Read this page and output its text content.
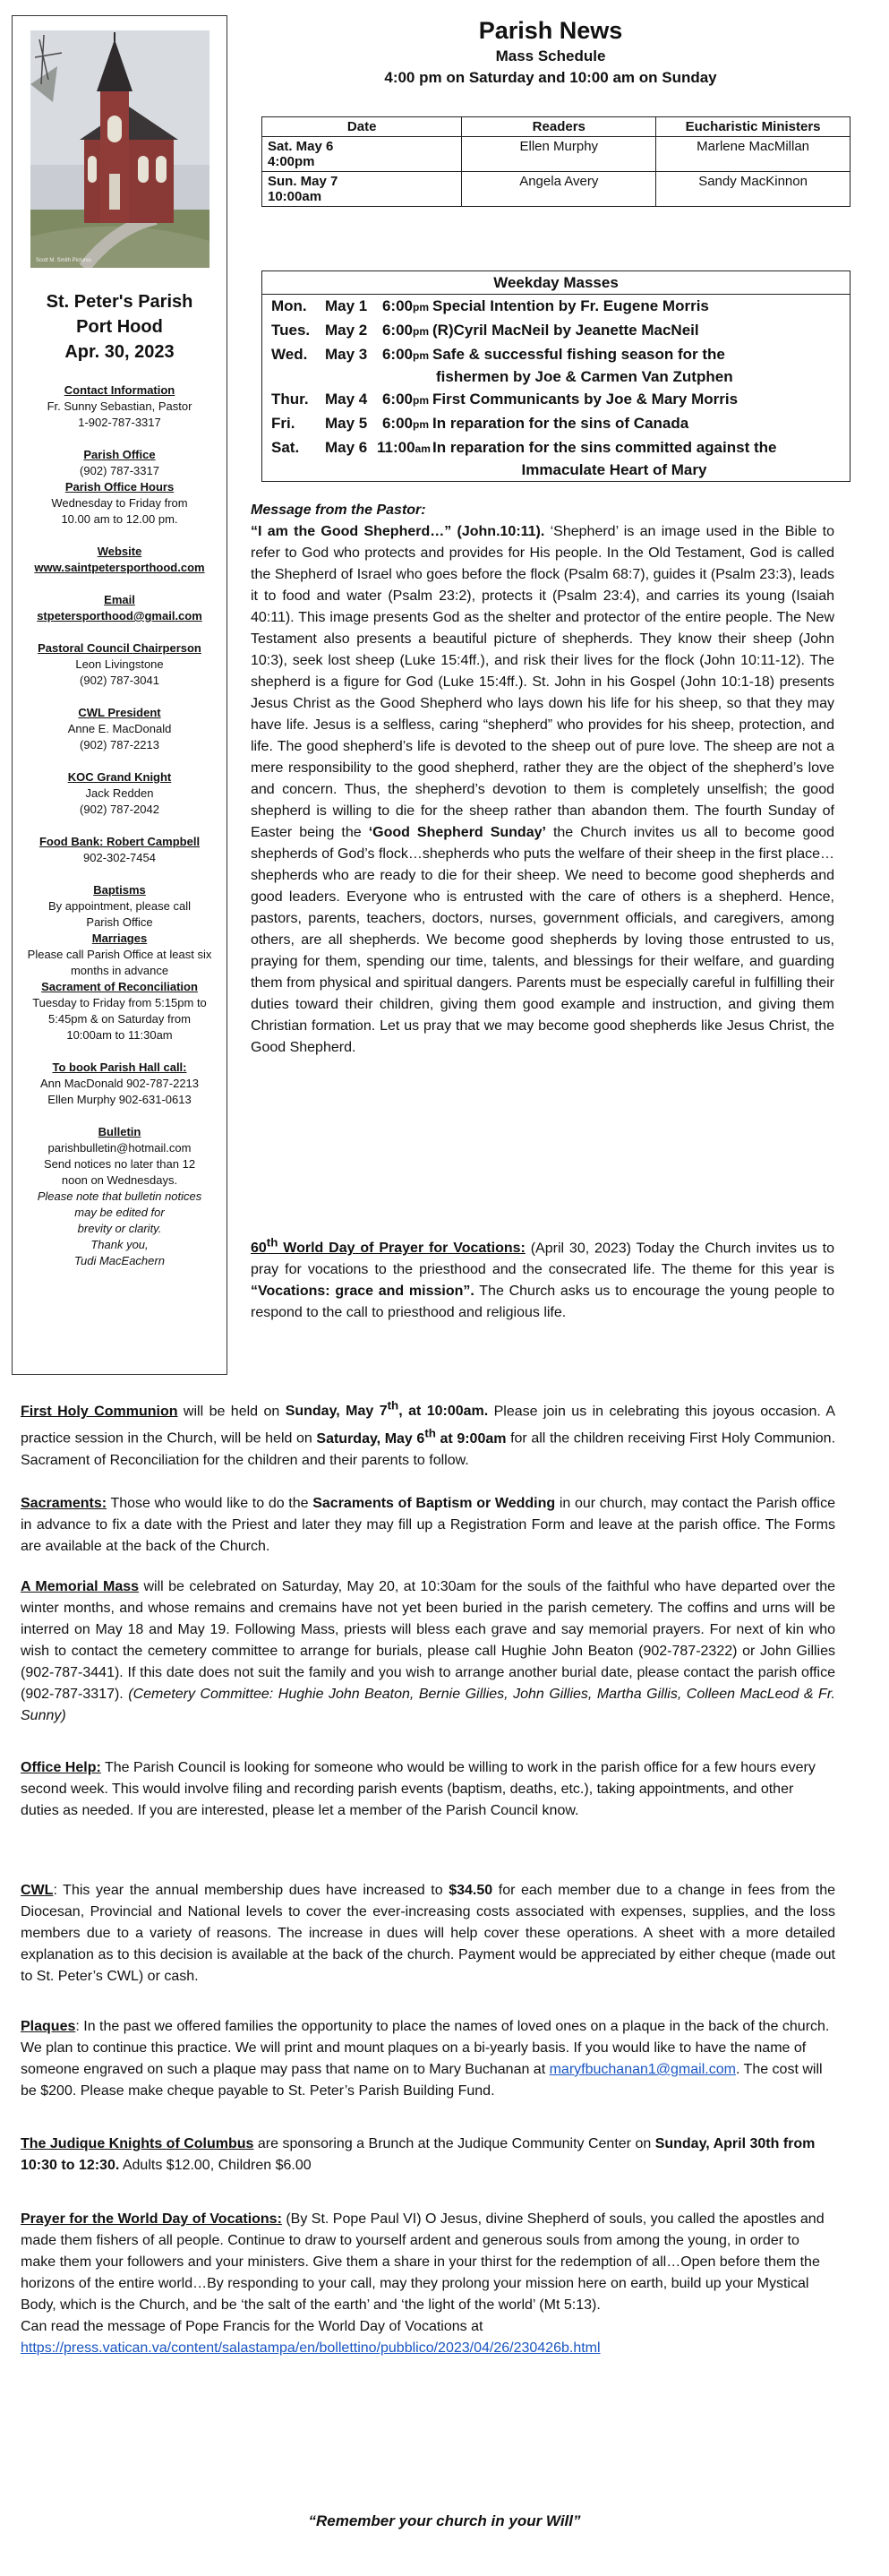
Scott M. Smith Pictures
St. Peter's Parish
Port Hood
Apr. 30, 2023
Contact Information
Fr. Sunny Sebastian, Pastor
1-902-787-3317
Parish Office
(902) 787-3317
Parish Office Hours
Wednesday to Friday from
10.00 am to 12.00 pm.
Website
www.saintpetersporthood.com
Email
stpetersporthood@gmail.com
Pastoral Council Chairperson
Leon Livingstone
(902) 787-3041
CWL President
Anne E. MacDonald
(902) 787-2213
KOC Grand Knight
Jack Redden
(902) 787-2042
Food Bank: Robert Campbell
902-302-7454
Baptisms
By appointment, please call
Parish Office
Marriages
Please call Parish Office at least six
months in advance
Sacrament of Reconciliation
Tuesday to Friday from 5:15pm to
5:45pm & on Saturday from
10:00am to 11:30am
To book Parish Hall call:
Ann MacDonald 902-787-2213
Ellen Murphy 902-631-0613
Bulletin
parishbulletin@hotmail.com
Send notices no later than 12
noon on Wednesdays.
Please note that bulletin notices
may be edited for
brevity or clarity.
Thank you,
Tudi MacEachern
Parish News
Mass Schedule
4:00 pm on Saturday and 10:00 am on Sunday
Date	Readers	Eucharistic Ministers

Sat. May 6
4:00pm	Ellen Murphy	Marlene MacMillan

Sun. May 7
10:00am	Angela Avery	Sandy MacKinnon
Weekday Masses
Mon.	May 1 6:00pm Special Intention by Fr. Eugene Morris
Tues. May 2 6:00pm (R)Cyril MacNeil by Jeanette MacNeil
Wed.	May 3 6:00pm Safe & successful fishing season for the
fishermen by Joe & Carmen Van Zutphen
Thur.	May 4 6:00pm First Communicants by Joe & Mary Morris
Fri.	May 5 6:00pm In reparation for the sins of Canada
Sat.	May 6 11:00am In reparation for the sins committed against the
Immaculate Heart of Mary
Message from the Pastor:
“I am the Good Shepherd…” (John.10:11). ‘Shepherd’ is an image used in the Bible to refer to God who protects and provides for His people. In the Old Testament, God is called the Shepherd of Israel who goes before the flock (Psalm 68:7), guides it (Psalm 23:3), leads it to food and water (Psalm 23:2), protects it (Psalm 23:4), and carries its young (Isaiah 40:11). This image presents God as the shelter and protector of the entire people. The New Testament also presents a beautiful picture of shepherds. They know their sheep (John 10:3), seek lost sheep (Luke 15:4ff.), and risk their lives for the flock (John 10:11-12). The shepherd is a figure for God (Luke 15:4ff.). St. John in his Gospel (John 10:1-18) presents Jesus Christ as the Good Shepherd who lays down his life for his sheep, so that they may have life. Jesus is a selfless, caring “shepherd” who provides for his sheep, protection, and life. The good shepherd’s life is devoted to the sheep out of pure love. The sheep are not a mere responsibility to the good shepherd, rather they are the object of the shepherd’s love and concern. Thus, the shepherd’s devotion to them is completely unselfish; the good shepherd is willing to die for the sheep rather than abandon them. The fourth Sunday of Easter being the ‘Good Shepherd Sunday’ the Church invites us all to become good shepherds of God’s flock…shepherds who puts the welfare of their sheep in the first place…shepherds who are ready to die for their sheep. We need to become good shepherds and good leaders. Everyone who is entrusted with the care of others is a shepherd. Hence, pastors, parents, teachers, doctors, nurses, government officials, and caregivers, among others, are all shepherds. We become good shepherds by loving those entrusted to us, praying for them, spending our time, talents, and blessings for their welfare, and guarding them from physical and spiritual dangers. Parents must be especially careful in fulfilling their duties toward their children, giving them good example and instruction, and giving them Christian formation. Let us pray that we may become good shepherds like Jesus Christ, the Good Shepherd.
60th World Day of Prayer for Vocations: (April 30, 2023) Today the Church invites us to pray for vocations to the priesthood and the consecrated life. The theme for this year is “Vocations: grace and mission”. The Church asks us to encourage the young people to respond to the call to priesthood and religious life.
First Holy Communion will be held on Sunday, May 7th, at 10:00am. Please join us in celebrating this joyous occasion. A practice session in the Church, will be held on Saturday, May 6th at 9:00am for all the children receiving First Holy Communion. Sacrament of Reconciliation for the children and their parents to follow.
Sacraments: Those who would like to do the Sacraments of Baptism or Wedding in our church, may contact the Parish office in advance to fix a date with the Priest and later they may fill up a Registration Form and leave at the parish office. The Forms are available at the back of the Church.
A Memorial Mass will be celebrated on Saturday, May 20, at 10:30am for the souls of the faithful who have departed over the winter months, and whose remains and cremains have not yet been buried in the parish cemetery. The coffins and urns will be interred on May 18 and May 19. Following Mass, priests will bless each grave and say memorial prayers. For next of kin who wish to contact the cemetery committee to arrange for burials, please call Hughie John Beaton (902-787-2322) or John Gillies (902-787-3441). If this date does not suit the family and you wish to arrange another burial date, please contact the parish office (902-787-3317). (Cemetery Committee: Hughie John Beaton, Bernie Gillies, John Gillies, Martha Gillis, Colleen MacLeod & Fr. Sunny)
Office Help: The Parish Council is looking for someone who would be willing to work in the parish office for a few hours every second week. This would involve filing and recording parish events (baptism, deaths, etc.), taking appointments, and other duties as needed. If you are interested, please let a member of the Parish Council know.
CWL: This year the annual membership dues have increased to $34.50 for each member due to a change in fees from the Diocesan, Provincial and National levels to cover the ever-increasing costs associated with expenses, supplies, and the loss members due to a variety of reasons. The increase in dues will help cover these operations. A sheet with a more detailed explanation as to this decision is available at the back of the church. Payment would be appreciated by either cheque (made out to St. Peter’s CWL) or cash.
Plaques: In the past we offered families the opportunity to place the names of loved ones on a plaque in the back of the church. We plan to continue this practice. We will print and mount plaques on a bi-yearly basis. If you would like to have the name of someone engraved on such a plaque may pass that name on to Mary Buchanan at maryfbuchanan1@gmail.com. The cost will be $200. Please make cheque payable to St. Peter’s Parish Building Fund.
The Judique Knights of Columbus are sponsoring a Brunch at the Judique Community Center on Sunday, April 30th from 10:30 to 12:30. Adults $12.00, Children $6.00
Prayer for the World Day of Vocations: (By St. Pope Paul VI) O Jesus, divine Shepherd of souls, you called the apostles and made them fishers of all people. Continue to draw to yourself ardent and generous souls from among the young, in order to make them your followers and your ministers. Give them a share in your thirst for the redemption of all…Open before them the horizons of the entire world…By responding to your call, may they prolong your mission here on earth, build up your Mystical Body, which is the Church, and be ‘the salt of the earth’ and ‘the light of the world’ (Mt 5:13).
Can read the message of Pope Francis for the World Day of Vocations at
https://press.vatican.va/content/salastampa/en/bollettino/pubblico/2023/04/26/230426b.html
“Remember your church in your Will”
